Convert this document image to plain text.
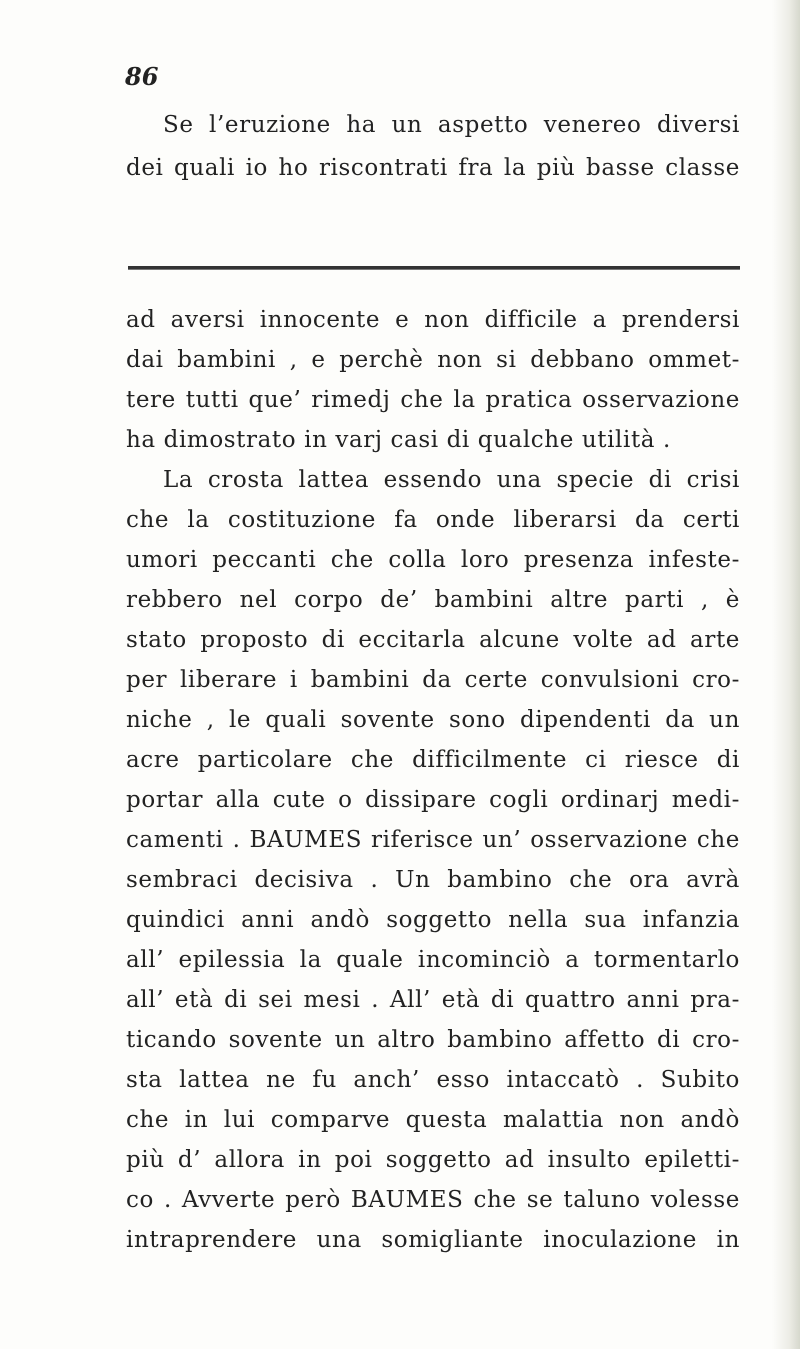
86
Se l’eruzione ha un aspetto venereo diversi
dei quali io ho riscontrati fra la più basse classe
ad aversi innocente e non difficile a prendersi
dai bambini , e perchè non si debbano ommet-
tere tutti que’ rimedj che la pratica osservazione
ha dimostrato in varj casi di qualche utilità .
La crosta lattea essendo una specie di crisi
che la costituzione fa onde liberarsi da certi
umori peccanti che colla loro presenza infeste-
rebbero nel corpo de’ bambini altre parti , è
stato proposto di eccitarla alcune volte ad arte
per liberare i bambini da certe convulsioni cro-
niche , le quali sovente sono dipendenti da un
acre particolare che difficilmente ci riesce di
portar alla cute o dissipare cogli ordinarj medi-
camenti . BAUMES riferisce un’ osservazione che
sembraci decisiva . Un bambino che ora avrà
quindici anni andò soggetto nella sua infanzia
all’ epilessia la quale incominciò a tormentarlo
all’ età di sei mesi . All’ età di quattro anni pra-
ticando sovente un altro bambino affetto di cro-
sta lattea ne fu anch’ esso intaccatò . Subito
che in lui comparve questa malattia non andò
più d’ allora in poi soggetto ad insulto epiletti-
co . Avverte però BAUMES che se taluno volesse
intraprendere una somigliante inoculazione in
